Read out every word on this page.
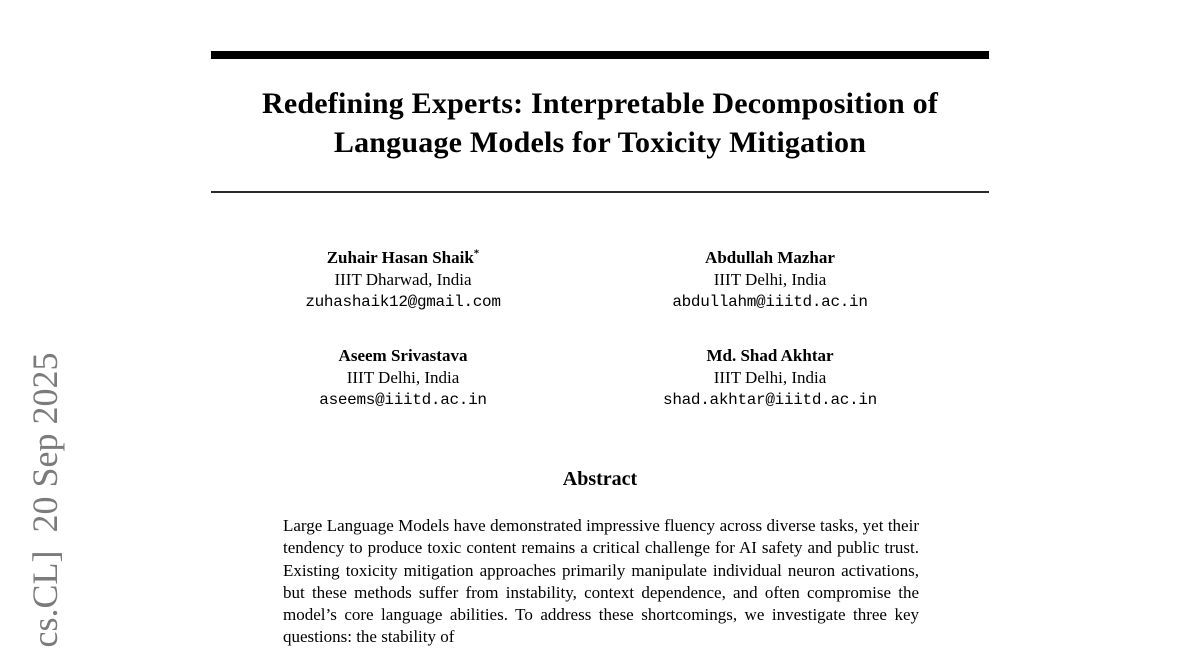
cs.CL]  20 Sep 2025
Redefining Experts: Interpretable Decomposition of
Language Models for Toxicity Mitigation
Zuhair Hasan Shaik*
IIIT Dharwad, India
zuhashaik12@gmail.com
Abdullah Mazhar
IIIT Delhi, India
abdullahm@iiitd.ac.in
Aseem Srivastava
IIIT Delhi, India
aseems@iiitd.ac.in
Md. Shad Akhtar
IIIT Delhi, India
shad.akhtar@iiitd.ac.in
Abstract

Large Language Models have demonstrated impressive fluency across diverse tasks, yet their tendency to produce toxic content remains a critical challenge for AI safety and public trust. Existing toxicity mitigation approaches primarily manipulate individual neuron activations, but these methods suffer from instability, context dependence, and often compromise the model’s core language abilities. To address these shortcomings, we investigate three key questions: the stability of
